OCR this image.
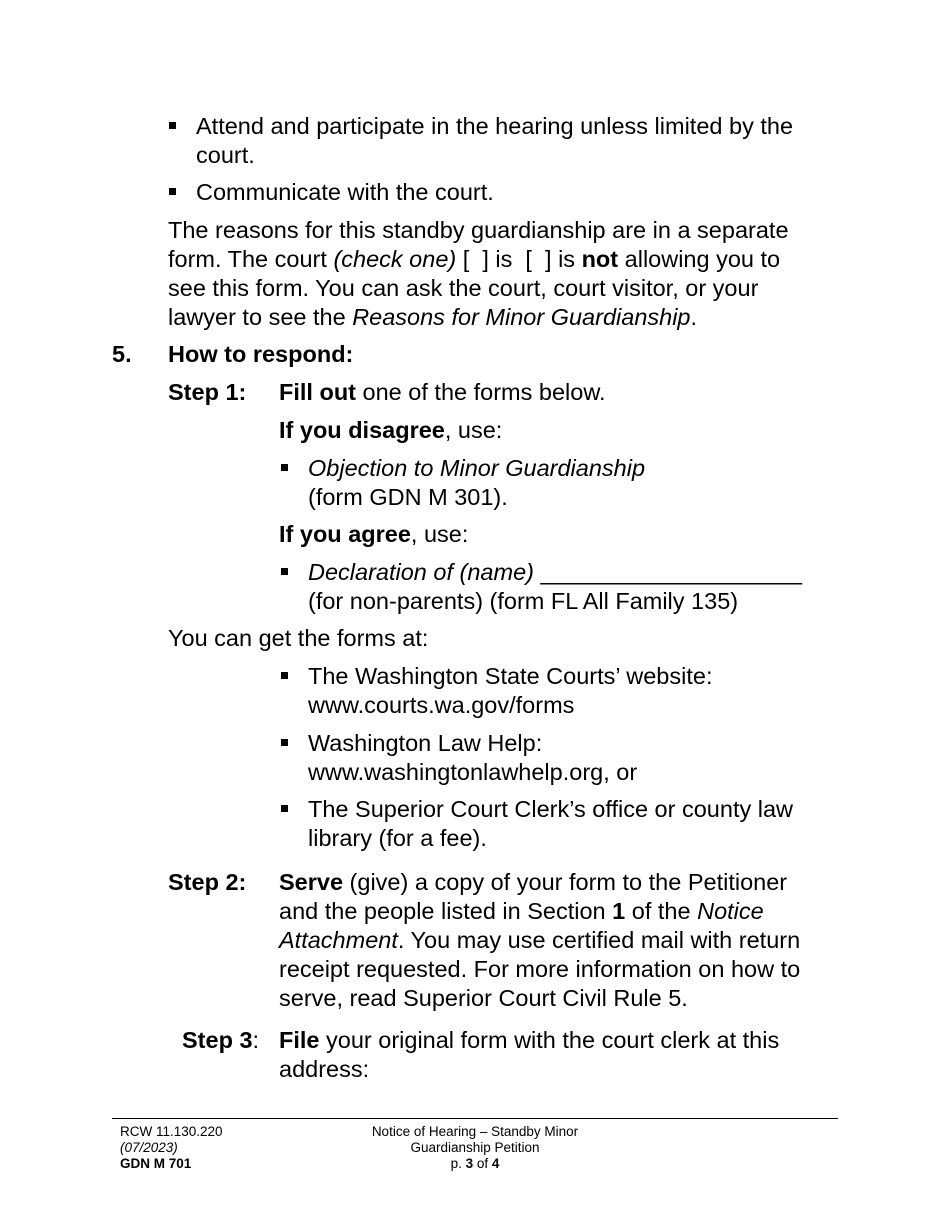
Attend and participate in the hearing unless limited by the
court.
Communicate with the court.
The reasons for this standby guardianship are in a separate
form. The court (check one) [  ] is  [  ] is not allowing you to
see this form. You can ask the court, court visitor, or your
lawyer to see the Reasons for Minor Guardianship.
5. How to respond:
Step 1: Fill out one of the forms below.
If you disagree, use:
Objection to Minor Guardianship
(form GDN M 301).
If you agree, use:
Declaration of (name) ____________________
(for non-parents) (form FL All Family 135)
You can get the forms at:
The Washington State Courts’ website:
www.courts.wa.gov/forms
Washington Law Help:
www.washingtonlawhelp.org, or
The Superior Court Clerk’s office or county law
library (for a fee).
Step 2: Serve (give) a copy of your form to the Petitioner
and the people listed in Section 1 of the Notice
Attachment. You may use certified mail with return
receipt requested. For more information on how to
serve, read Superior Court Civil Rule 5.
Step 3: File your original form with the court clerk at this
address:
RCW 11.130.220
(07/2023)
GDN M 701
Notice of Hearing – Standby Minor
Guardianship Petition
p. 3 of 4
